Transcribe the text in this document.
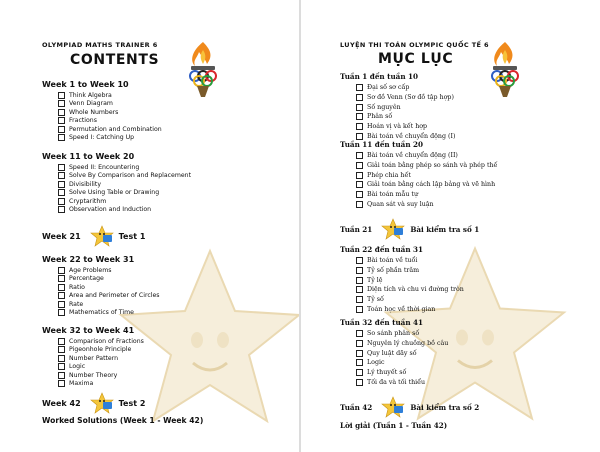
OLYMPIAD MATHS TRAINER 6
CONTENTS
Week 1 to Week 10
Think Algebra
Venn Diagram
Whole Numbers
Fractions
Permutation and Combination
Speed I: Catching Up
Week 11 to Week 20
Speed II: Encountering
Solve By Comparison and Replacement
Divisibility
Solve Using Table or Drawing
Cryptarithm
Observation and Induction
Week 21	Test 1
Week 22 to Week 31
Age Problems
Percentage
Ratio
Area and Perimeter of Circles
Rate
Mathematics of Time
Week 32 to Week 41
Comparison of Fractions
Pigeonhole Principle
Number Pattern
Logic
Number Theory
Maxima
Week 42	Test 2
Worked Solutions (Week 1 - Week 42)
LUYỆN THI TOÁN OLYMPIC QUỐC TẾ 6
MỤC LỤC
Tuần 1 đến tuần 10
Đại số sơ cấp
Sơ đồ Venn (Sơ đồ tập hợp)
Số nguyên
Phân số
Hoán vị và kết hợp
Bài toán về chuyển động (I)
Tuần 11 đến tuần 20
Bài toán về chuyển động (II)
Giải toán bằng phép so sánh và phép thế
Phép chia hết
Giải toán bằng cách lập bảng và vẽ hình
Bài toán mẫu tự
Quan sát và suy luận
Tuần 21	Bài kiểm tra số 1
Tuần 22 đến tuần 31
Bài toán về tuổi
Tỷ số phần trăm
Tỷ lệ
Diện tích và chu vi đường tròn
Tỷ số
Toán học về thời gian
Tuần 32 đến tuần 41
So sánh phân số
Nguyên lý chuồng bồ câu
Quy luật dãy số
Logic
Lý thuyết số
Tối đa và tối thiểu
Tuần 42	Bài kiểm tra số 2
Lời giải (Tuần 1 - Tuần 42)
